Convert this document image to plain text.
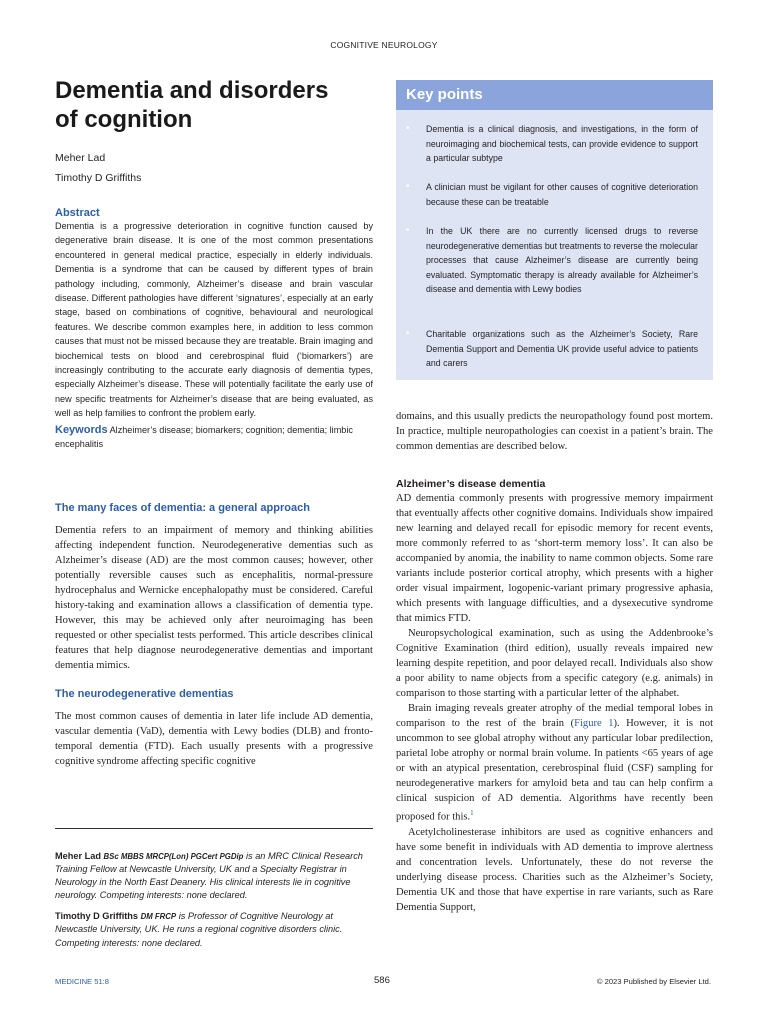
COGNITIVE NEUROLOGY
Dementia and disorders
of cognition

Meher Lad

Timothy D Griffiths

Abstract

Dementia is a progressive deterioration in cognitive function caused by degenerative brain disease. It is one of the most common presentations encountered in general medical practice, especially in elderly individuals. Dementia is a syndrome that can be caused by different types of brain pathology including, commonly, Alzheimer’s disease and brain vascular disease. Different pathologies have different ‘signatures’, especially at an early stage, based on combinations of cognitive, behavioural and neurological features. We describe common examples here, in addition to less common causes that must not be missed because they are treatable. Brain imaging and biochemical tests on blood and cerebrospinal fluid (‘biomarkers’) are increasingly contributing to the accurate early diagnosis of dementia types, especially Alzheimer’s disease. These will potentially facilitate the early use of new specific treatments for Alzheimer’s disease that are being evaluated, as well as help families to confront the problem early.

Keywords Alzheimer’s disease; biomarkers; cognition; dementia; limbic encephalitis

The many faces of dementia: a general approach

Dementia refers to an impairment of memory and thinking abilities affecting independent function. Neurodegenerative dementias such as Alzheimer’s disease (AD) are the most common causes; however, other potentially reversible causes such as encephalitis, normal-pressure hydrocephalus and Wernicke encephalopathy must be considered. Careful history-taking and examination allows a classification of dementia type. However, this may be achieved only after neuroimaging has been requested or other specialist tests performed. This article describes clinical features that help diagnose neurodegenerative dementias and important dementia mimics.

The neurodegenerative dementias

The most common causes of dementia in later life include AD dementia, vascular dementia (VaD), dementia with Lewy bodies (DLB) and fronto-temporal dementia (FTD). Each usually presents with a progressive cognitive syndrome affecting specific cognitive

Meher Lad BSc MBBS MRCP(Lon) PGCert PGDip is an MRC Clinical Research Training Fellow at Newcastle University, UK and a Specialty Registrar in Neurology in the North East Deanery. His clinical interests lie in cognitive neurology. Competing interests: none declared.

Timothy D Griffiths DM FRCP is Professor of Cognitive Neurology at Newcastle University, UK. He runs a regional cognitive disorders clinic. Competing interests: none declared.

Key points
• Dementia is a clinical diagnosis, and investigations, in the form of neuroimaging and biochemical tests, can provide evidence to support a particular subtype
• A clinician must be vigilant for other causes of cognitive deterioration because these can be treatable
• In the UK there are no currently licensed drugs to reverse neurodegenerative dementias but treatments to reverse the molecular processes that cause Alzheimer’s disease are currently being evaluated. Symptomatic therapy is already available for Alzheimer’s disease and dementia with Lewy bodies
• Charitable organizations such as the Alzheimer’s Society, Rare Dementia Support and Dementia UK provide useful advice to patients and carers

domains, and this usually predicts the neuropathology found post mortem. In practice, multiple neuropathologies can coexist in a patient’s brain. The common dementias are described below.

Alzheimer’s disease dementia

AD dementia commonly presents with progressive memory impairment that eventually affects other cognitive domains. Individuals show impaired new learning and delayed recall for episodic memory for recent events, more commonly referred to as ‘short-term memory loss’. It can also be accompanied by anomia, the inability to name common objects. Some rare variants include posterior cortical atrophy, which presents with a higher order visual impairment, logopenic-variant primary progressive aphasia, which presents with language difficulties, and a dysexecutive syndrome that mimics FTD.

Neuropsychological examination, such as using the Addenbrooke’s Cognitive Examination (third edition), usually reveals impaired new learning despite repetition, and poor delayed recall. Individuals also show a poor ability to name objects from a specific category (e.g. animals) in comparison to those starting with a particular letter of the alphabet.

Brain imaging reveals greater atrophy of the medial temporal lobes in comparison to the rest of the brain (Figure 1). However, it is not uncommon to see global atrophy without any particular lobar predilection, parietal lobe atrophy or normal brain volume. In patients <65 years of age or with an atypical presentation, cerebrospinal fluid (CSF) sampling for neurodegenerative markers for amyloid beta and tau can help confirm a clinical suspicion of AD dementia. Algorithms have recently been proposed for this.$^1$

Acetylcholinesterase inhibitors are used as cognitive enhancers and have some benefit in individuals with AD dementia to improve alertness and concentration levels. Unfortunately, these do not reverse the underlying disease process. Charities such as the Alzheimer’s Society, Dementia UK and those that have expertise in rare variants, such as Rare Dementia Support,

MEDICINE 51:8	586	© 2023 Published by Elsevier Ltd.
